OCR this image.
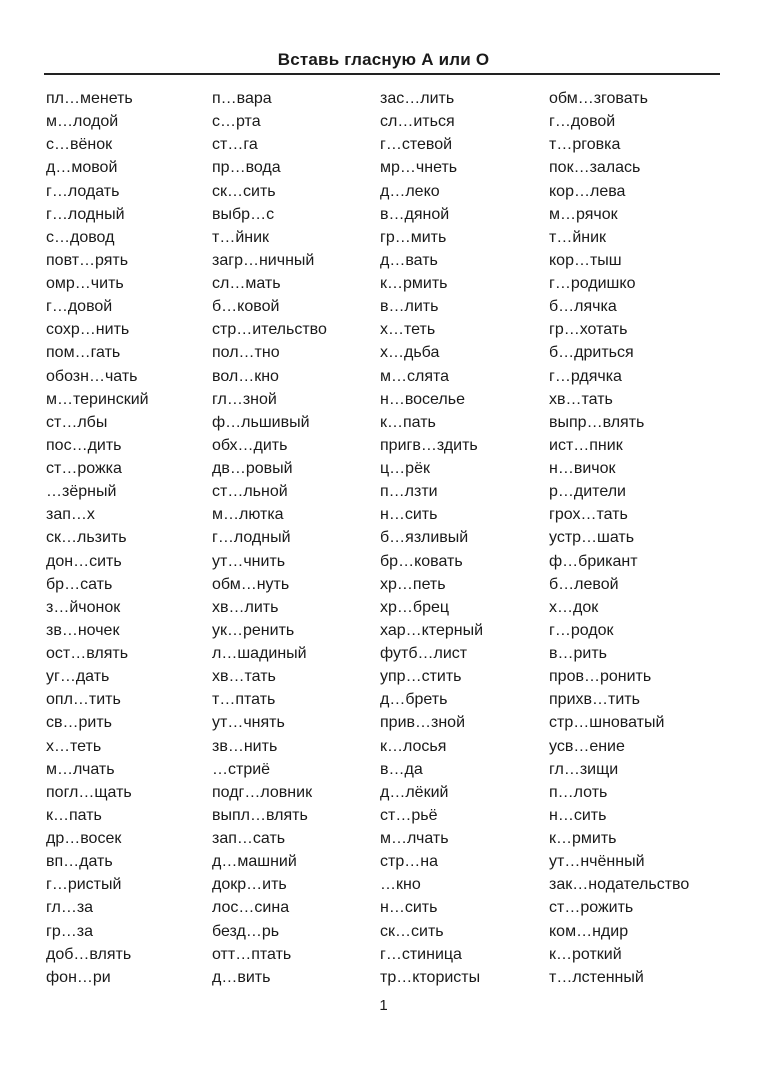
Вставь гласную А или О
пл…менеть
м…лодой
с…вёнок
д…мовой
г…лодать
г…лодный
с…довод
повт…рять
омр…чить
г…довой
сохр…нить
пом…гать
обозн…чать
м…теринский
ст…лбы
пос…дить
ст…рожка
…зёрный
зап…х
ск…льзить
дон…сить
бр…сать
з…йчонок
зв…ночек
ост…влять
уг…дать
опл…тить
св…рить
х…теть
м…лчать
погл…щать
к…пать
др…восек
вп…дать
г…ристый
гл…за
гр…за
доб…влять
фон…ри
п…вара
с…рта
ст…га
пр…вода
ск…сить
выбр…с
т…йник
загр…ничный
сл…мать
б…ковой
стр…ительство
пол…тно
вол…кно
гл…зной
ф…льшивый
обх…дить
дв…ровый
ст…льной
м…лютка
г…лодный
ут…чнить
обм…нуть
хв…лить
ук…ренить
л…шадиный
хв…тать
т…птать
ут…чнять
зв…нить
…стриё
подг…ловник
выпл…влять
зап…сать
д…машний
докр…ить
лос…сина
безд…рь
отт…птать
д…вить
зас…лить
сл…иться
г…стевой
мр…чнеть
д…леко
в…дяной
гр…мить
д…вать
к…рмить
в…лить
х…теть
х…дьба
м…слята
н…воселье
к…пать
пригв…здить
ц…рёк
п…лзти
н…сить
б…язливый
бр…ковать
хр…петь
хр…брец
хар…ктерный
футб…лист
упр…стить
д…бреть
прив…зной
к…лосья
в…да
д…лёкий
ст…рьё
м…лчать
стр…на
…кно
н…сить
ск…сить
г…стиница
тр…ктористы
обм…зговать
г…довой
т…рговка
пок…залась
кор…лева
м…рячок
т…йник
кор…тыш
г…родишко
б…лячка
гр…хотать
б…дриться
г…рдячка
хв…тать
выпр…влять
ист…пник
н…вичок
р…дители
грох…тать
устр…шать
ф…брикант
б…левой
х…док
г…родок
в…рить
пров…ронить
прихв…тить
стр…шноватый
усв…ение
гл…зищи
п…лоть
н…сить
к…рмить
ут…нчённый
зак…нодательство
ст…рожить
ком…ндир
к…роткий
т…лстенный
1
